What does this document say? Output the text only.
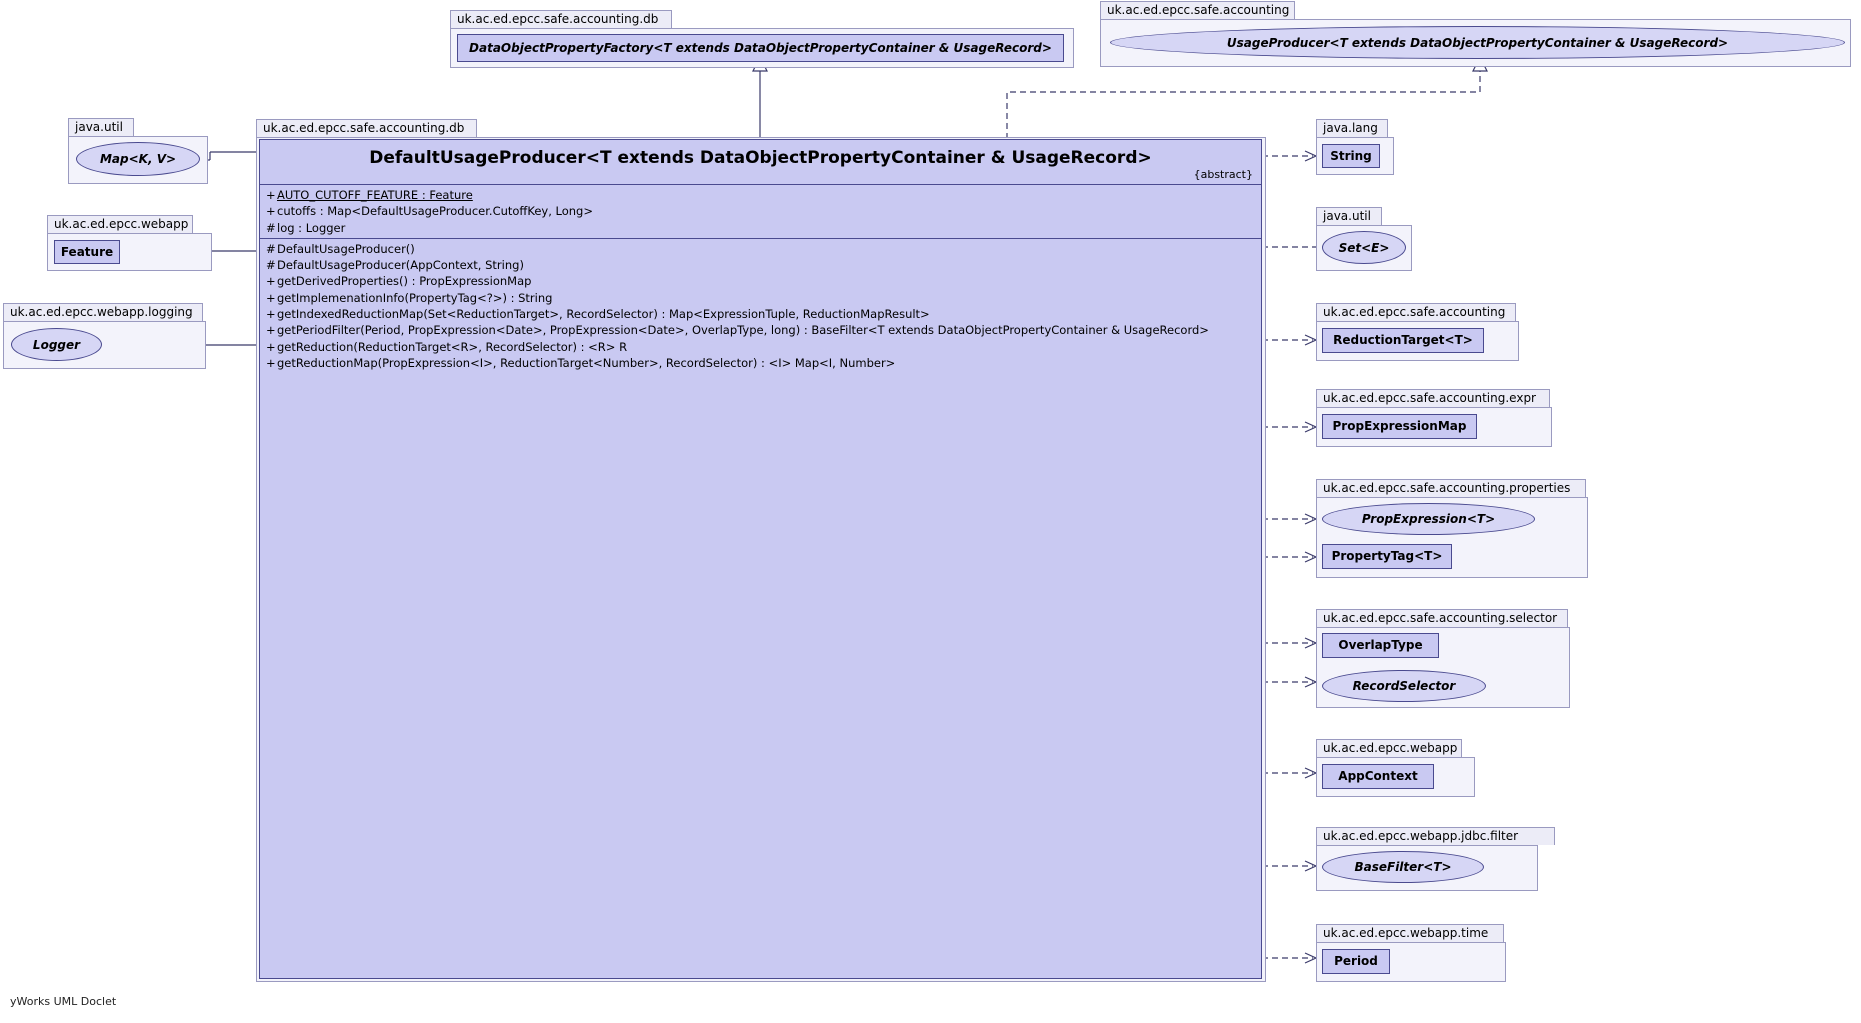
uk.ac.ed.epcc.safe.accounting.db
DataObjectPropertyFactory<T extends DataObjectPropertyContainer & UsageRecord>
uk.ac.ed.epcc.safe.accounting
UsageProducer<T extends DataObjectPropertyContainer & UsageRecord>
java.util
Map<K, V>
uk.ac.ed.epcc.webapp
Feature
uk.ac.ed.epcc.webapp.logging
Logger
uk.ac.ed.epcc.safe.accounting.db
DefaultUsageProducer<T extends DataObjectPropertyContainer & UsageRecord>
{abstract}
+AUTO_CUTOFF_FEATURE : Feature
+cutoffs : Map<DefaultUsageProducer.CutoffKey, Long>
#log : Logger
#DefaultUsageProducer()
#DefaultUsageProducer(AppContext, String)
+getDerivedProperties() : PropExpressionMap
+getImplemenationInfo(PropertyTag<?>) : String
+getIndexedReductionMap(Set<ReductionTarget>, RecordSelector) : Map<ExpressionTuple, ReductionMapResult>
+getPeriodFilter(Period, PropExpression<Date>, PropExpression<Date>, OverlapType, long) : BaseFilter<T extends DataObjectPropertyContainer & UsageRecord>
+getReduction(ReductionTarget<R>, RecordSelector) : <R> R
+getReductionMap(PropExpression<I>, ReductionTarget<Number>, RecordSelector) : <I> Map<I, Number>
java.lang
String
java.util
Set<E>
uk.ac.ed.epcc.safe.accounting
ReductionTarget<T>
uk.ac.ed.epcc.safe.accounting.expr
PropExpressionMap
uk.ac.ed.epcc.safe.accounting.properties
PropExpression<T>
PropertyTag<T>
uk.ac.ed.epcc.safe.accounting.selector
OverlapType
RecordSelector
uk.ac.ed.epcc.webapp
AppContext
uk.ac.ed.epcc.webapp.jdbc.filter
BaseFilter<T>
uk.ac.ed.epcc.webapp.time
Period
yWorks UML Doclet
